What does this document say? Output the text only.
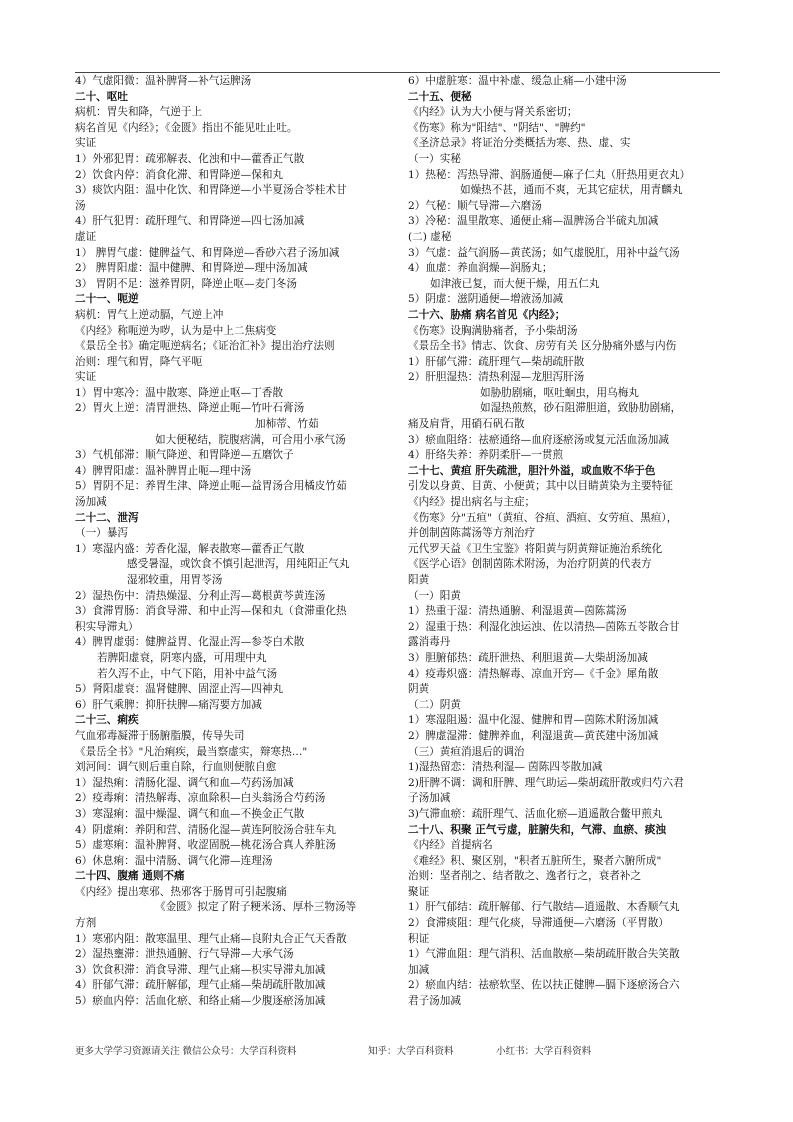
4）气虚阳微：温补脾肾—补气运脾汤
二十、呕吐
病机：胃失和降，气逆于上
病名首见《内经》；《金匮》指出不能见吐止吐。
实证
1）外邪犯胃：疏邪解表、化浊和中—藿香正气散
2）饮食内停：消食化滞、和胃降逆—保和丸
3）痰饮内阻：温中化饮、和胃降逆—小半夏汤合苓桂术甘
汤
4）肝气犯胃：疏肝理气、和胃降逆—四七汤加减
虚证
1） 脾胃气虚：健脾益气、和胃降逆—香砂六君子汤加减
2） 脾胃阳虚：温中健脾、和胃降逆—理中汤加减
3） 胃阴不足：滋养胃阴，降逆止呕—麦门冬汤
二十一、呃逆
病机：胃气上逆动膈，气逆上冲
《内经》称呃逆为哕，认为是中上二焦病变
《景岳全书》确定呃逆病名；《证治汇补》提出治疗法则
治则：理气和胃，降气平呃
实证
1）胃中寒冷：温中散寒、降逆止呕—丁香散
2）胃火上逆：清胃泄热、降逆止呃—竹叶石膏汤
加柿蒂、竹茹
如大便秘结，脘腹痞满，可合用小承气汤
3）气机郁滞：顺气降逆、和胃降逆—五磨饮子
4）脾胃阳虚：温补脾胃止呃—理中汤
5）胃阴不足：养胃生津、降逆止呃—益胃汤合用橘皮竹茹
汤加减
二十二、泄泻
（一）暴泻
1）寒湿内盛：芳香化湿，解表散寒—藿香正气散
感受暑湿，或饮食不慎引起泄泻，用纯阳正气丸
湿邪较重，用胃苓汤
2）湿热伤中：清热燥湿、分利止泻—葛根黄芩黄连汤
3）食滞胃肠：消食导滞、和中止泻—保和丸（食滞重化热
积实导滞丸）
4）脾胃虚弱：健脾益胃、化湿止泻—参苓白术散
若脾阳虚衰，阴寒内盛，可用理中丸
若久泻不止，中气下陷，用补中益气汤
5）肾阳虚衰：温肾健脾、固涩止泻—四神丸
6）肝气乘脾：抑肝扶脾—痛泻要方加减
二十三、痢疾
气血邪毒凝滞于肠腑脂膜，传导失司
《景岳全书》"凡治痢疾，最当察虚实，辩寒热…"
刘河间：调气则后重自除，行血则便脓自愈
1）湿热痢：清肠化湿、调气和血—芍药汤加减
2）疫毒痢：清热解毒、凉血除积—白头翁汤合芍药汤
3）寒湿痢：温中燥湿、调气和血—不换金正气散
4）阴虚痢：养阴和营、清肠化湿—黄连阿胶汤合驻车丸
5）虚寒痢：温补脾肾、收涩固脱—桃花汤合真人养脏汤
6）休息痢：温中清肠、调气化滞—连理汤
二十四、腹痛 通则不痛
《内经》提出寒邪、热邪客于肠胃可引起腹痛
《金匮》拟定了附子粳米汤、厚朴三物汤等
方剂
1）寒邪内阻：散寒温里、理气止痛—良附丸合正气天香散
2）湿热壅滞：泄热通腑、行气导滞—大承气汤
3）饮食积滞：消食导滞、理气止痛—枳实导滞丸加减
4）肝郁气滞：疏肝解郁，理气止痛—柴胡疏肝散加减
5）瘀血内停：活血化瘀、和络止痛—少腹逐瘀汤加减
6）中虚脏寒：温中补虚、缓急止痛—小建中汤
二十五、便秘
《内经》认为大小便与肾关系密切；
《伤寒》称为"阳结"、"阴结"、"脾约"
《圣济总录》将证治分类概括为寒、热、虚、实
（一）实秘
1）热秘：泻热导滞、润肠通便—麻子仁丸（肝热用更衣丸）
如燥热不甚，通而不爽，无其它症状，用青麟丸
2）气秘：顺气导滞—六磨汤
3）冷秘：温里散寒、通便止痛—温脾汤合半硫丸加减
(二) 虚秘
3）气虚：益气润肠—黄芪汤；如气虚脱肛，用补中益气汤
4）血虚：养血润燥—润肠丸；
如津液已复，而大便干燥，用五仁丸
5）阴虚：滋阴通便—增液汤加减
二十六、胁痛 病名首见《内经》；
《伤寒》设胸满胁痛者，予小柴胡汤
《景岳全书》情志、饮食、房劳有关 区分胁痛外感与内伤
1）肝郁气滞：疏肝理气—柴胡疏肝散
2）肝胆湿热：清热利湿—龙胆泻肝汤
如胁肋剧痛，呕吐蛔虫，用乌梅丸
如湿热煎熬，砂石阻滞胆道，致胁肋剧痛，
痛及肩背，用硝石矾石散
3）瘀血阻络：祛瘀通络—血府逐瘀汤或复元活血汤加减
4）肝络失养：养阴柔肝—一贯煎
二十七、黄疸 肝失疏泄，胆汁外溢，或血败不华于色
引发以身黄、目黄、小便黄；其中以目睛黄染为主要特征
《内经》提出病名与主症；
《伤寒》分"五疸"（黄疸、谷疸、酒疸、女劳疸、黑疸），
并创制茵陈蒿汤等方剂治疗
元代罗天益《卫生宝鉴》将阳黄与阴黄辩证施治系统化
《医学心语》创制茵陈术附汤，为治疗阴黄的代表方
阳黄
（一）阳黄
1）热重于湿：清热通腑、利湿退黄—茵陈蒿汤
2）湿重于热：利湿化浊运浊、佐以清热—茵陈五苓散合甘
露消毒丹
3）胆腑郁热：疏肝泄热、利胆退黄—大柴胡汤加减
4）疫毒炽盛：清热解毒、凉血开窍—《千金》犀角散
阴黄
（二）阴黄
1）寒湿阻遏：温中化湿、健脾和胃—茵陈术附汤加减
2）脾虚湿滞：健脾养血，利湿退黄—黄芪建中汤加减
（三）黄疸消退后的调治
1)湿热留恋：清热利湿— 茵陈四苓散加减
2)肝脾不调：调和肝脾、理气助运—柴胡疏肝散或归芍六君
子汤加减
3)气滞血瘀：疏肝理气、活血化瘀—逍遥散合鳖甲煎丸
二十八、积聚 正气亏虚，脏腑失和，气滞、血瘀、痰浊
《内经》首提病名
《难经》积、聚区别，"积者五脏所生，聚者六腑所成"
治则：坚者削之、结者散之、逸者行之，衰者补之
聚证
1）肝气郁结：疏肝解郁、行气散结—逍遥散、木香顺气丸
2）食滞痰阻：理气化痰，导滞通便—六磨汤（平胃散）
积证
1）气滞血阻：理气消积、活血散瘀—柴胡疏肝散合失笑散
加减
2）瘀血内结：祛瘀软坚、佐以扶正健脾—膈下逐瘀汤合六
君子汤加减
更多大学学习资源请关注 微信公众号：大学百科资料	知乎：大学百科资料	小红书：大学百科资料
